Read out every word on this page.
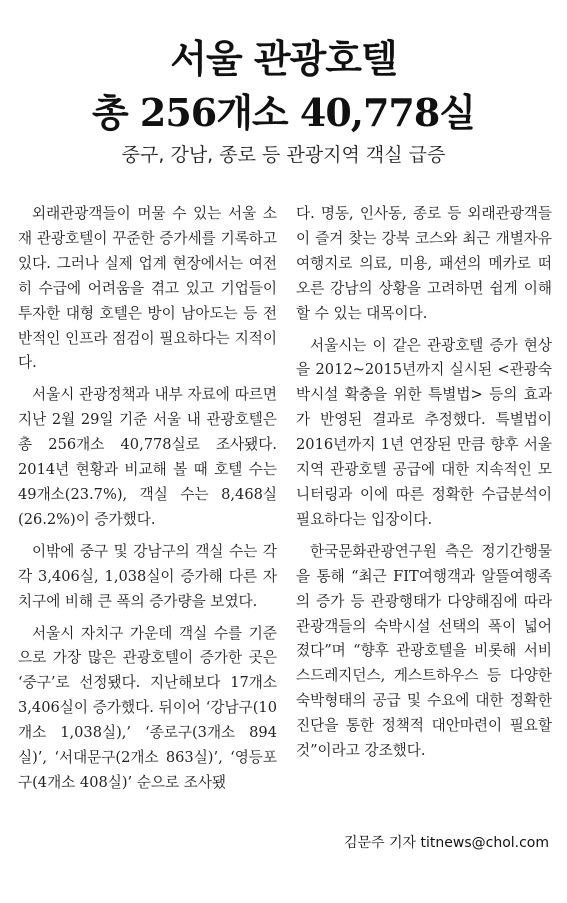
서울 관광호텔
총 256개소 40,778실
중구, 강남, 종로 등 관광지역 객실 급증

외래관광객들이 머물 수 있는 서울 소재 관광호텔이 꾸준한 증가세를 기록하고 있다. 그러나 실제 업계 현장에서는 여전히 수급에 어려움을 겪고 있고 기업들이 투자한 대형 호텔은 방이 남아도는 등 전반적인 인프라 점검이 필요하다는 지적이다.

서울시 관광정책과 내부 자료에 따르면 지난 2월 29일 기준 서울 내 관광호텔은 총 256개소 40,778실로 조사됐다. 2014년 현황과 비교해 볼 때 호텔 수는 49개소(23.7%), 객실 수는 8,468실(26.2%)이 증가했다.

이밖에 중구 및 강남구의 객실 수는 각각 3,406실, 1,038실이 증가해 다른 자치구에 비해 큰 폭의 증가량을 보였다.

서울시 자치구 가운데 객실 수를 기준으로 가장 많은 관광호텔이 증가한 곳은 ‘중구’로 선정됐다. 지난해보다 17개소 3,406실이 증가했다. 뒤이어 ‘강남구(10개소 1,038실),’ ‘종로구(3개소 894실)’, ‘서대문구(2개소 863실)’, ‘영등포구(4개소 408실)’ 순으로 조사됐

다. 명동, 인사동, 종로 등 외래관광객들이 즐겨 찾는 강북 코스와 최근 개별자유여행지로 의료, 미용, 패션의 메카로 떠오른 강남의 상황을 고려하면 쉽게 이해할 수 있는 대목이다.

서울시는 이 같은 관광호텔 증가 현상을 2012~2015년까지 실시된 <관광숙박시설 확충을 위한 특별법> 등의 효과가 반영된 결과로 추정했다. 특별법이 2016년까지 1년 연장된 만큼 향후 서울지역 관광호텔 공급에 대한 지속적인 모니터링과 이에 따른 정확한 수급분석이 필요하다는 입장이다.

한국문화관광연구원 측은 정기간행물을 통해 “최근 FIT여행객과 알뜰여행족의 증가 등 관광행태가 다양해짐에 따라 관광객들의 숙박시설 선택의 폭이 넓어졌다”며 “향후 관광호텔을 비롯해 서비스드레지던스, 게스트하우스 등 다양한 숙박형태의 공급 및 수요에 대한 정확한 진단을 통한 정책적 대안마련이 필요할 것”이라고 강조했다.

김문주 기자 titnews@chol.com
